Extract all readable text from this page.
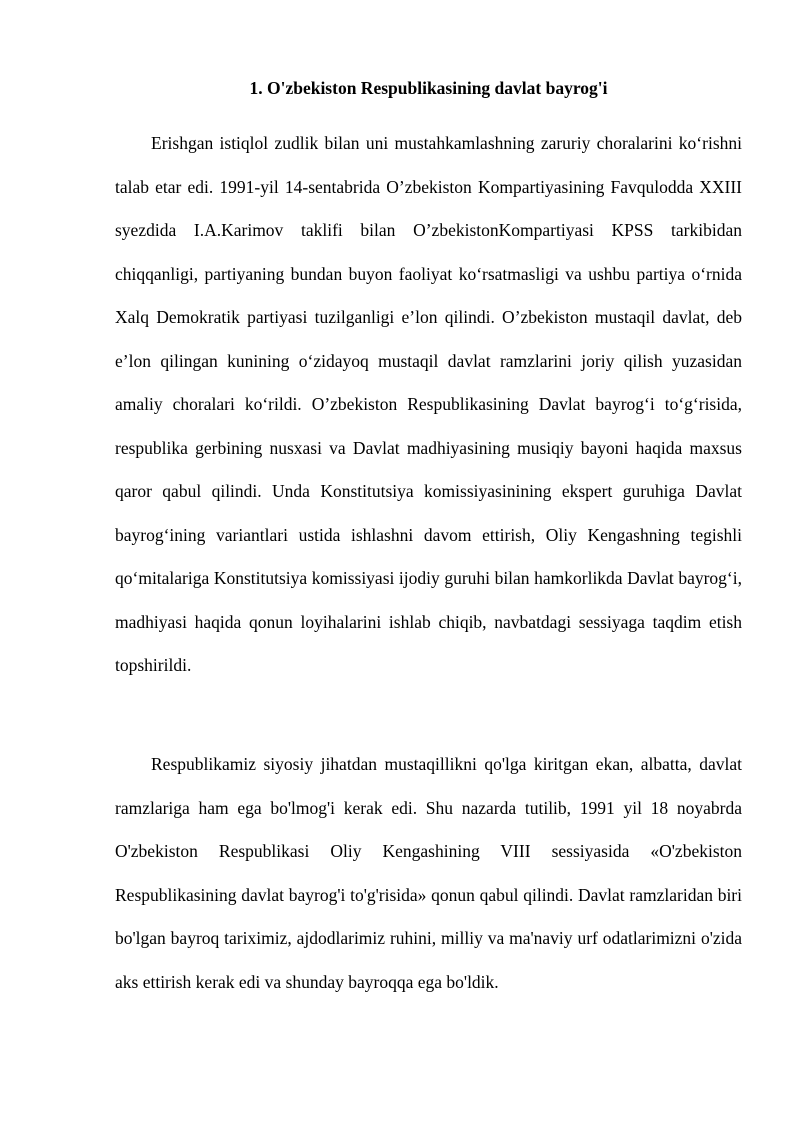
1. O'zbekiston Respublikasining davlat bayrog'i

Erishgan istiqlol zudlik bilan uni mustahkamlashning zaruriy choralarini ko‘rishni talab etar edi. 1991-yil 14-sentabrida O’zbekiston Kompartiyasining Favqulodda XXIII syezdida I.A.Karimov taklifi bilan O’zbekistonKompartiyasi KPSS tarkibidan chiqqanligi, partiyaning bundan buyon faoliyat ko‘rsatmasligi va ushbu partiya o‘rnida Xalq Demokratik partiyasi tuzilganligi e’lon qilindi. O’zbekiston mustaqil davlat, deb e’lon qilingan kunining o‘zidayoq mustaqil davlat ramzlarini joriy qilish yuzasidan amaliy choralari ko‘rildi. O’zbekiston Respublikasining Davlat bayrog‘i to‘g‘risida, respublika gerbining nusxasi va Davlat madhiyasining musiqiy bayoni haqida maxsus qaror qabul qilindi. Unda Konstitutsiya komissiyasinining ekspert guruhiga Davlat bayrog‘ining variantlari ustida ishlashni davom ettirish, Oliy Kengashning tegishli qo‘mitalariga Konstitutsiya komissiyasi ijodiy guruhi bilan hamkorlikda Davlat bayrog‘i, madhiyasi haqida qonun loyihalarini ishlab chiqib, navbatdagi sessiyaga taqdim etish topshirildi.

Respublikamiz siyosiy jihatdan mustaqillikni qo'lga kiritgan ekan, albatta, davlat ramzlariga ham ega bo'lmog'i kerak edi. Shu nazarda tutilib, 1991 yil 18 noyabrda O'zbekiston Respublikasi Oliy Kengashining VIII sessiyasida «O'zbekiston Respublikasining davlat bayrog'i to'g'risida» qonun qabul qilindi. Davlat ramzlaridan biri bo'lgan bayroq tariximiz, ajdodlarimiz ruhini, milliy va ma'naviy urf odatlarimizni o'zida aks ettirish kerak edi va shunday bayroqqa ega bo'ldik.
